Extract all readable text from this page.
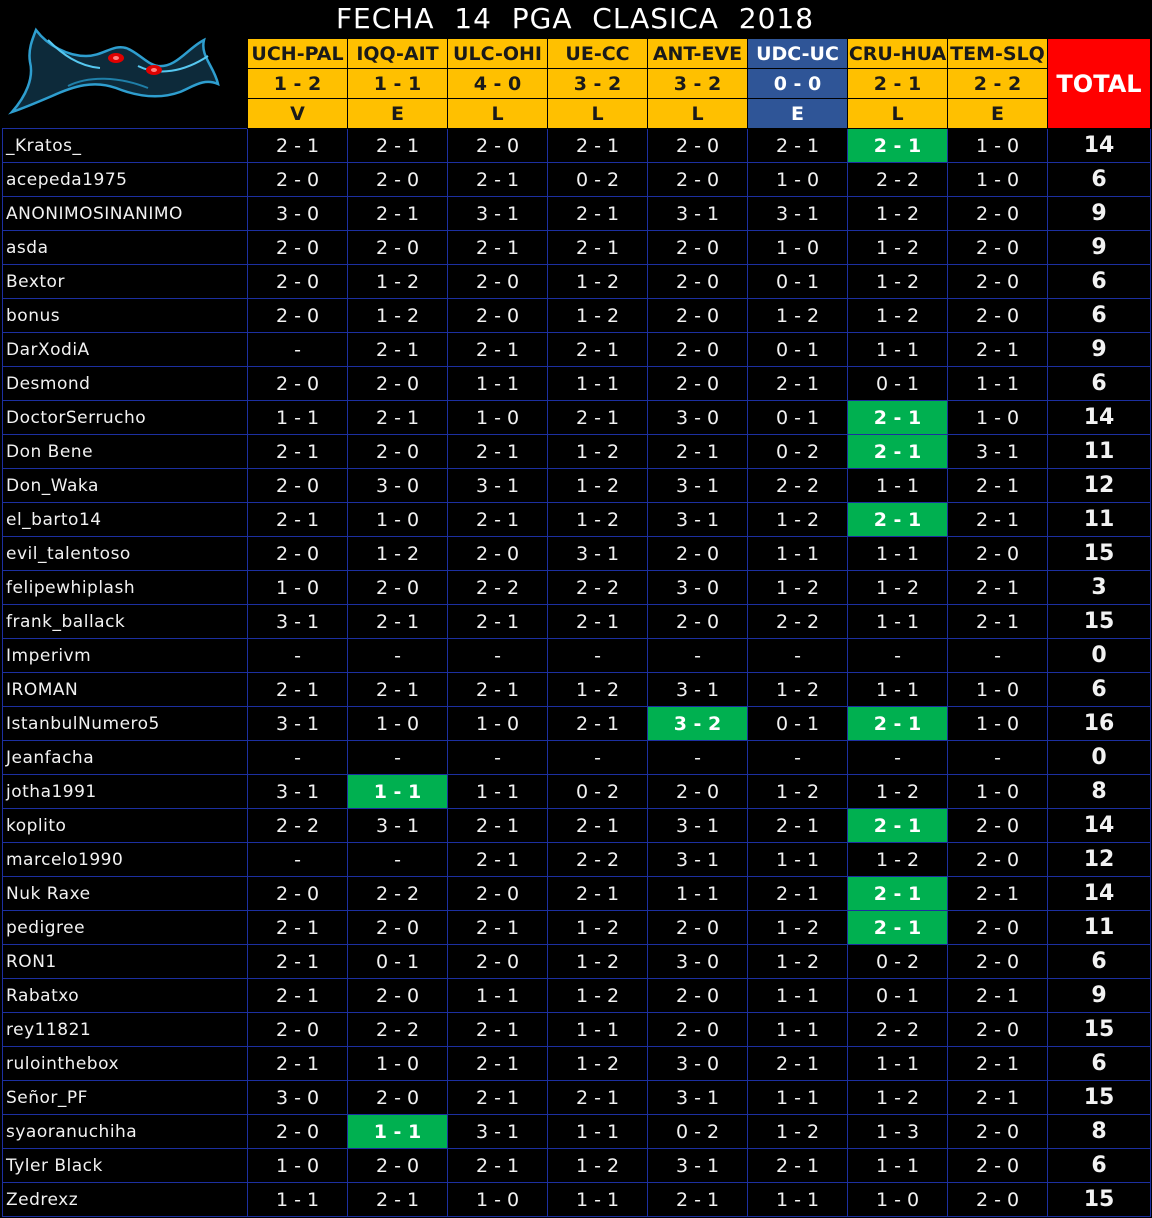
FECHA  14  PGA  CLASICA  2018
	UCH-PAL	IQQ-AIT	ULC-OHI	UE-CC	ANT-EVE	UDC-UC	CRU-HUA	TEM-SLQ	TOTAL
	1 - 2	1 - 1	4 - 0	3 - 2	3 - 2	0 - 0	2 - 1	2 - 2	
	V	E	L	L	L	E	L	E	
_Kratos_	2 - 1	2 - 1	2 - 0	2 - 1	2 - 0	2 - 1	2 - 1	1 - 0	14
acepeda1975	2 - 0	2 - 0	2 - 1	0 - 2	2 - 0	1 - 0	2 - 2	1 - 0	6
ANONIMOSINANIMO	3 - 0	2 - 1	3 - 1	2 - 1	3 - 1	3 - 1	1 - 2	2 - 0	9
asda	2 - 0	2 - 0	2 - 1	2 - 1	2 - 0	1 - 0	1 - 2	2 - 0	9
Bextor	2 - 0	1 - 2	2 - 0	1 - 2	2 - 0	0 - 1	1 - 2	2 - 0	6
bonus	2 - 0	1 - 2	2 - 0	1 - 2	2 - 0	1 - 2	1 - 2	2 - 0	6
DarXodiA	-	2 - 1	2 - 1	2 - 1	2 - 0	0 - 1	1 - 1	2 - 1	9
Desmond	2 - 0	2 - 0	1 - 1	1 - 1	2 - 0	2 - 1	0 - 1	1 - 1	6
DoctorSerrucho	1 - 1	2 - 1	1 - 0	2 - 1	3 - 0	0 - 1	2 - 1	1 - 0	14
Don Bene	2 - 1	2 - 0	2 - 1	1 - 2	2 - 1	0 - 2	2 - 1	3 - 1	11
Don_Waka	2 - 0	3 - 0	3 - 1	1 - 2	3 - 1	2 - 2	1 - 1	2 - 1	12
el_barto14	2 - 1	1 - 0	2 - 1	1 - 2	3 - 1	1 - 2	2 - 1	2 - 1	11
evil_talentoso	2 - 0	1 - 2	2 - 0	3 - 1	2 - 0	1 - 1	1 - 1	2 - 0	15
felipewhiplash	1 - 0	2 - 0	2 - 2	2 - 2	3 - 0	1 - 2	1 - 2	2 - 1	3
frank_ballack	3 - 1	2 - 1	2 - 1	2 - 1	2 - 0	2 - 2	1 - 1	2 - 1	15
Imperivm	-	-	-	-	-	-	-	-	0
IROMAN	2 - 1	2 - 1	2 - 1	1 - 2	3 - 1	1 - 2	1 - 1	1 - 0	6
IstanbulNumero5	3 - 1	1 - 0	1 - 0	2 - 1	3 - 2	0 - 1	2 - 1	1 - 0	16
Jeanfacha	-	-	-	-	-	-	-	-	0
jotha1991	3 - 1	1 - 1	1 - 1	0 - 2	2 - 0	1 - 2	1 - 2	1 - 0	8
koplito	2 - 2	3 - 1	2 - 1	2 - 1	3 - 1	2 - 1	2 - 1	2 - 0	14
marcelo1990	-	-	2 - 1	2 - 2	3 - 1	1 - 1	1 - 2	2 - 0	12
Nuk Raxe	2 - 0	2 - 2	2 - 0	2 - 1	1 - 1	2 - 1	2 - 1	2 - 1	14
pedigree	2 - 1	2 - 0	2 - 1	1 - 2	2 - 0	1 - 2	2 - 1	2 - 0	11
RON1	2 - 1	0 - 1	2 - 0	1 - 2	3 - 0	1 - 2	0 - 2	2 - 0	6
Rabatxo	2 - 1	2 - 0	1 - 1	1 - 2	2 - 0	1 - 1	0 - 1	2 - 1	9
rey11821	2 - 0	2 - 2	2 - 1	1 - 1	2 - 0	1 - 1	2 - 2	2 - 0	15
rulointhebox	2 - 1	1 - 0	2 - 1	1 - 2	3 - 0	2 - 1	1 - 1	2 - 1	6
Señor_PF	3 - 0	2 - 0	2 - 1	2 - 1	3 - 1	1 - 1	1 - 2	2 - 1	15
syaoranuchiha	2 - 0	1 - 1	3 - 1	1 - 1	0 - 2	1 - 2	1 - 3	2 - 0	8
Tyler Black	1 - 0	2 - 0	2 - 1	1 - 2	3 - 1	2 - 1	1 - 1	2 - 0	6
Zedrexz	1 - 1	2 - 1	1 - 0	1 - 1	2 - 1	1 - 1	1 - 0	2 - 0	15
